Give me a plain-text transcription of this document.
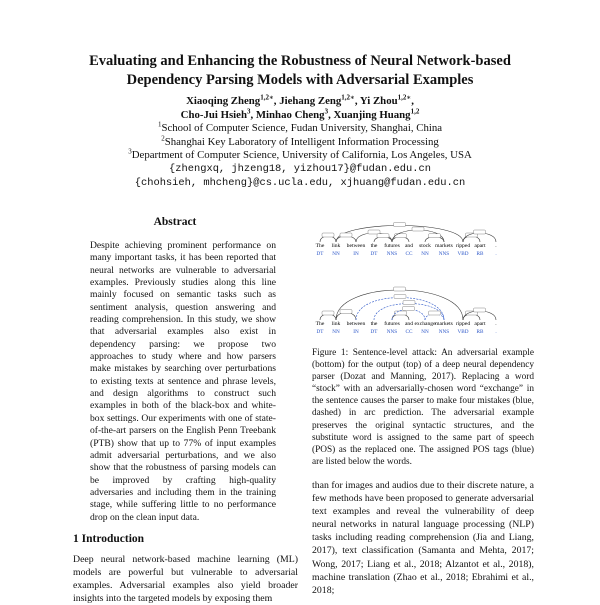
Evaluating and Enhancing the Robustness of Neural Network-based
Dependency Parsing Models with Adversarial Examples
Xiaoqing Zheng$^{1,2∗}$, Jiehang Zeng$^{1,2∗}$, Yi Zhou$^{1,2∗}$,
Cho-Jui Hsieh$^3$, Minhao Cheng$^3$, Xuanjing Huang$^{1,2}$
$^1$School of Computer Science, Fudan University, Shanghai, China
$^2$Shanghai Key Laboratory of Intelligent Information Processing
$^3$Department of Computer Science, University of California, Los Angeles, USA
{zhengxq, jhzeng18, yizhou17}@fudan.edu.cn
{chohsieh, mhcheng}@cs.ucla.edu, xjhuang@fudan.edu.cn
Abstract

Despite achieving prominent performance on many important tasks, it has been reported that neural networks are vulnerable to adversarial examples. Previously studies along this line mainly focused on semantic tasks such as sentiment analysis, question answering and reading comprehension. In this study, we show that adversarial examples also exist in dependency parsing: we propose two approaches to study where and how parsers make mistakes by searching over perturbations to existing texts at sentence and phrase levels, and design algorithms to construct such examples in both of the black-box and white-box settings. Our experiments with one of state-of-the-art parsers on the English Penn Treebank (PTB) show that up to 77% of input examples admit adversarial perturbations, and we also show that the robustness of parsing models can be improved by crafting high-quality adversaries and including them in the training stage, while suffering little to no performance drop on the clean input data.

1 Introduction

Deep neural network-based machine learning (ML) models are powerful but vulnerable to adversarial examples. Adversarial examples also yield broader insights into the targeted models by exposing them

The
DT
link
NN
between
IN
the
DT
futures
NNS
and
CC
stock
NN
markets
NNS
ripped
VBD
apart
RB
.
.
The
DT
link
NN
between
IN
the
DT
futures
NNS
and
CC
exchange
NN
markets
NNS
ripped
VBD
apart
RB
.
.

Figure 1: Sentence-level attack: An adversarial example (bottom) for the output (top) of a deep neural dependency parser (Dozat and Manning, 2017). Replacing a word “stock” with an adversarially-chosen word “exchange” in the sentence causes the parser to make four mistakes (blue, dashed) in arc prediction. The adversarial example preserves the original syntactic structures, and the substitute word is assigned to the same part of speech (POS) as the replaced one. The assigned POS tags (blue) are listed below the words.

than for images and audios due to their discrete nature, a few methods have been proposed to generate adversarial text examples and reveal the vulnerability of deep neural networks in natural language processing (NLP) tasks including reading comprehension (Jia and Liang, 2017), text classification (Samanta and Mehta, 2017; Wong, 2017; Liang et al., 2018; Alzantot et al., 2018), machine translation (Zhao et al., 2018; Ebrahimi et al., 2018;
